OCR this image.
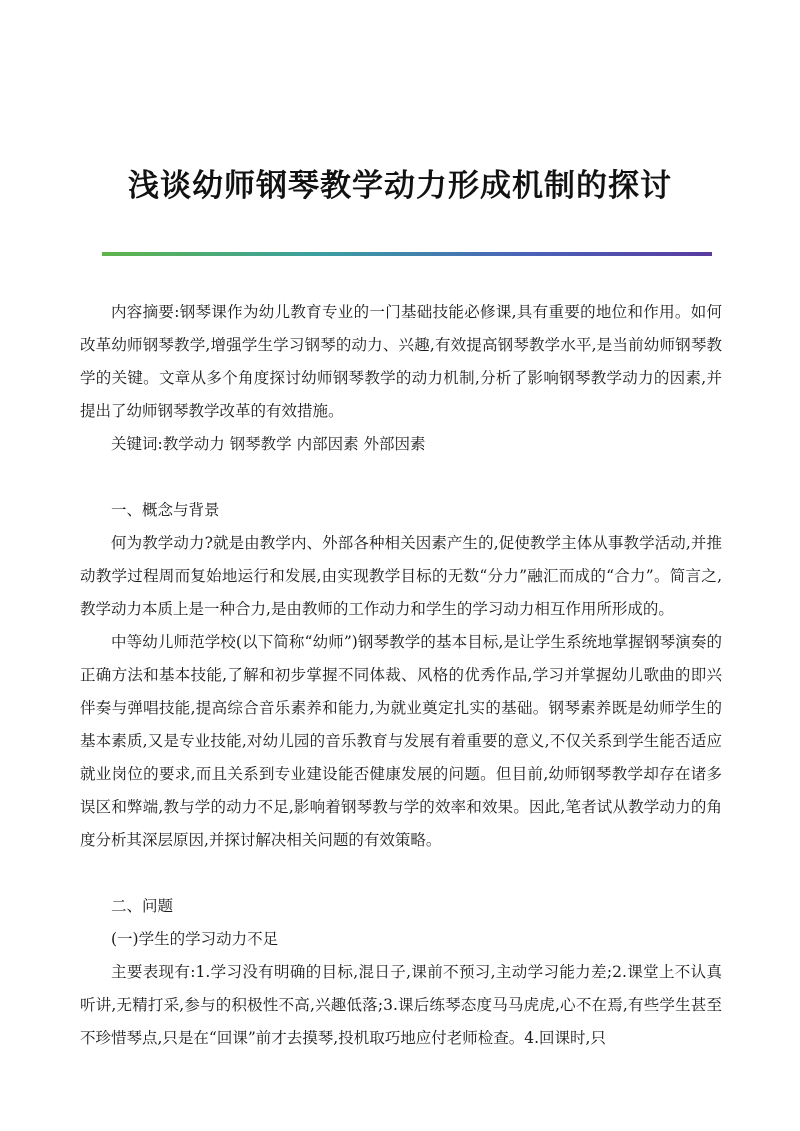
浅谈幼师钢琴教学动力形成机制的探讨

内容摘要:钢琴课作为幼儿教育专业的一门基础技能必修课,具有重要的地位和作用。如何改革幼师钢琴教学,增强学生学习钢琴的动力、兴趣,有效提高钢琴教学水平,是当前幼师钢琴教学的关键。文章从多个角度探讨幼师钢琴教学的动力机制,分析了影响钢琴教学动力的因素,并提出了幼师钢琴教学改革的有效措施。

关键词:教学动力 钢琴教学 内部因素 外部因素

一、概念与背景

何为教学动力?就是由教学内、外部各种相关因素产生的,促使教学主体从事教学活动,并推动教学过程周而复始地运行和发展,由实现教学目标的无数“分力”融汇而成的“合力”。简言之,教学动力本质上是一种合力,是由教师的工作动力和学生的学习动力相互作用所形成的。

中等幼儿师范学校(以下简称“幼师”)钢琴教学的基本目标,是让学生系统地掌握钢琴演奏的正确方法和基本技能,了解和初步掌握不同体裁、风格的优秀作品,学习并掌握幼儿歌曲的即兴伴奏与弹唱技能,提高综合音乐素养和能力,为就业奠定扎实的基础。钢琴素养既是幼师学生的基本素质,又是专业技能,对幼儿园的音乐教育与发展有着重要的意义,不仅关系到学生能否适应就业岗位的要求,而且关系到专业建设能否健康发展的问题。但目前,幼师钢琴教学却存在诸多误区和弊端,教与学的动力不足,影响着钢琴教与学的效率和效果。因此,笔者试从教学动力的角度分析其深层原因,并探讨解决相关问题的有效策略。

二、问题

(一)学生的学习动力不足

主要表现有:1.学习没有明确的目标,混日子,课前不预习,主动学习能力差;2.课堂上不认真听讲,无精打采,参与的积极性不高,兴趣低落;3.课后练琴态度马马虎虎,心不在焉,有些学生甚至不珍惜琴点,只是在“回课”前才去摸琴,投机取巧地应付老师检查。4.回课时,只
